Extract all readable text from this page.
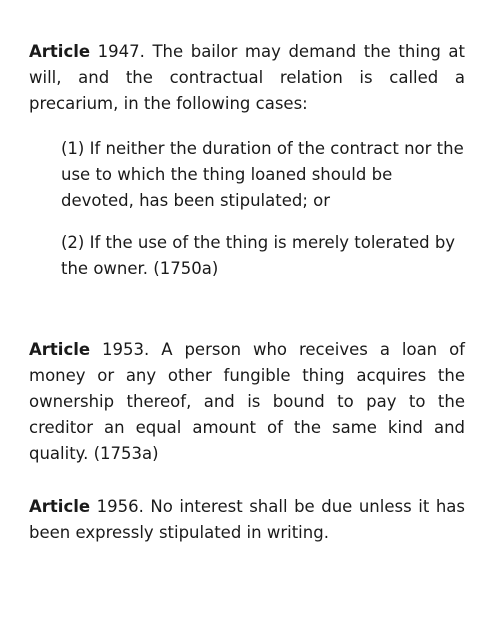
Article 1947. The bailor may demand the thing at will, and the contractual relation is called a precarium, in the following cases:

(1) If neither the duration of the contract nor the use to which the thing loaned should be devoted, has been stipulated; or

(2) If the use of the thing is merely tolerated by the owner. (1750a)

Article 1953. A person who receives a loan of money or any other fungible thing acquires the ownership thereof, and is bound to pay to the creditor an equal amount of the same kind and quality. (1753a)

Article 1956. No interest shall be due unless it has been expressly stipulated in writing.
